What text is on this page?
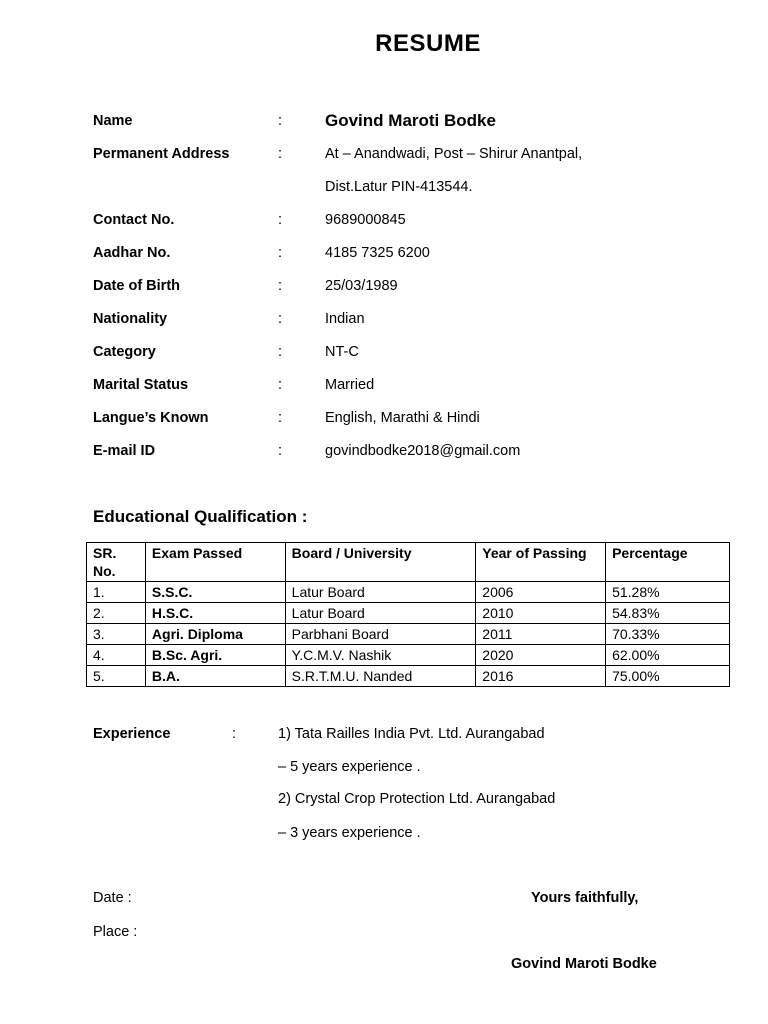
RESUME
Name	:	Govind Maroti Bodke
Permanent Address	:	At – Anandwadi, Post – Shirur Anantpal,
Dist.Latur PIN-413544.
Contact No.	:	9689000845
Aadhar No.	:	4185 7325 6200
Date of Birth	:	25/03/1989
Nationality	:	Indian
Category	:	NT-C
Marital Status	:	Married
Langue’s Known	:	English, Marathi & Hindi
E-mail ID	:	govindbodke2018@gmail.com
Educational Qualification :
SR. No.	Exam Passed	Board / University	Year of Passing	Percentage
1.	S.S.C.	Latur Board	2006	51.28%
2.	H.S.C.	Latur Board	2010	54.83%
3.	Agri. Diploma	Parbhani Board	2011	70.33%
4.	B.Sc. Agri.	Y.C.M.V. Nashik	2020	62.00%
5.	B.A.	S.R.T.M.U. Nanded	2016	75.00%
Experience	:	1) Tata Railles India Pvt. Ltd. Aurangabad
– 5 years experience .
2) Crystal Crop Protection Ltd. Aurangabad
– 3 years experience .
Date :
Place :
Yours faithfully,
Govind Maroti Bodke
